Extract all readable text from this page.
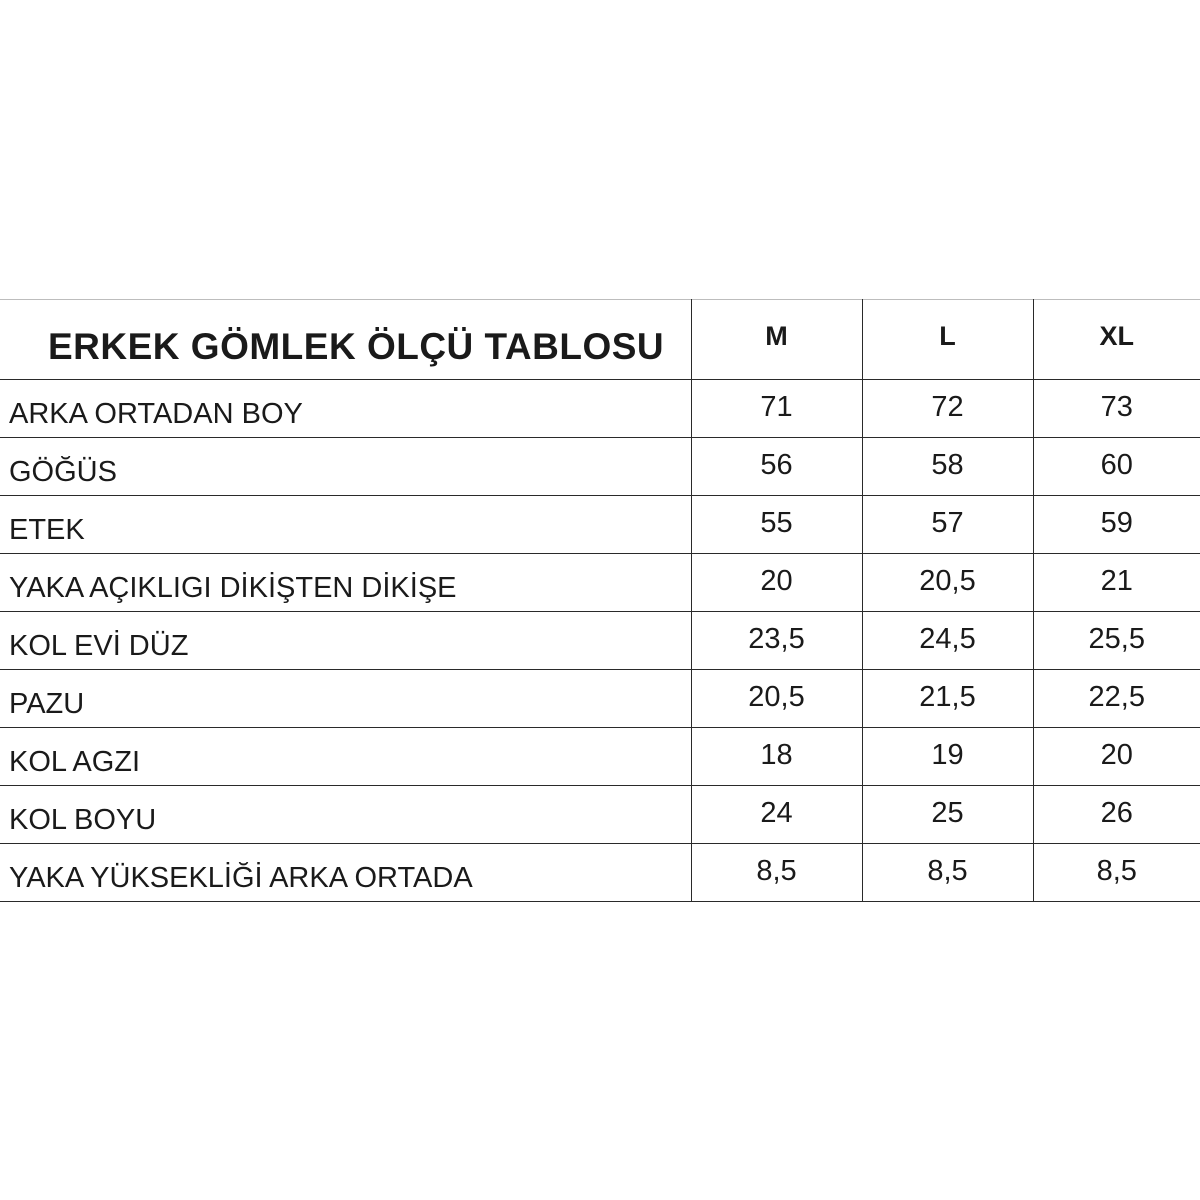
ERKEK GÖMLEK ÖLÇÜ TABLOSU	M	L	XL
ARKA ORTADAN BOY	71	72	73
GÖĞÜS	56	58	60
ETEK	55	57	59
YAKA AÇIKLIGI DİKİŞTEN DİKİŞE	20	20,5	21
KOL EVİ DÜZ	23,5	24,5	25,5
PAZU	20,5	21,5	22,5
KOL AGZI	18	19	20
KOL BOYU	24	25	26
YAKA YÜKSEKLİĞİ ARKA ORTADA	8,5	8,5	8,5
